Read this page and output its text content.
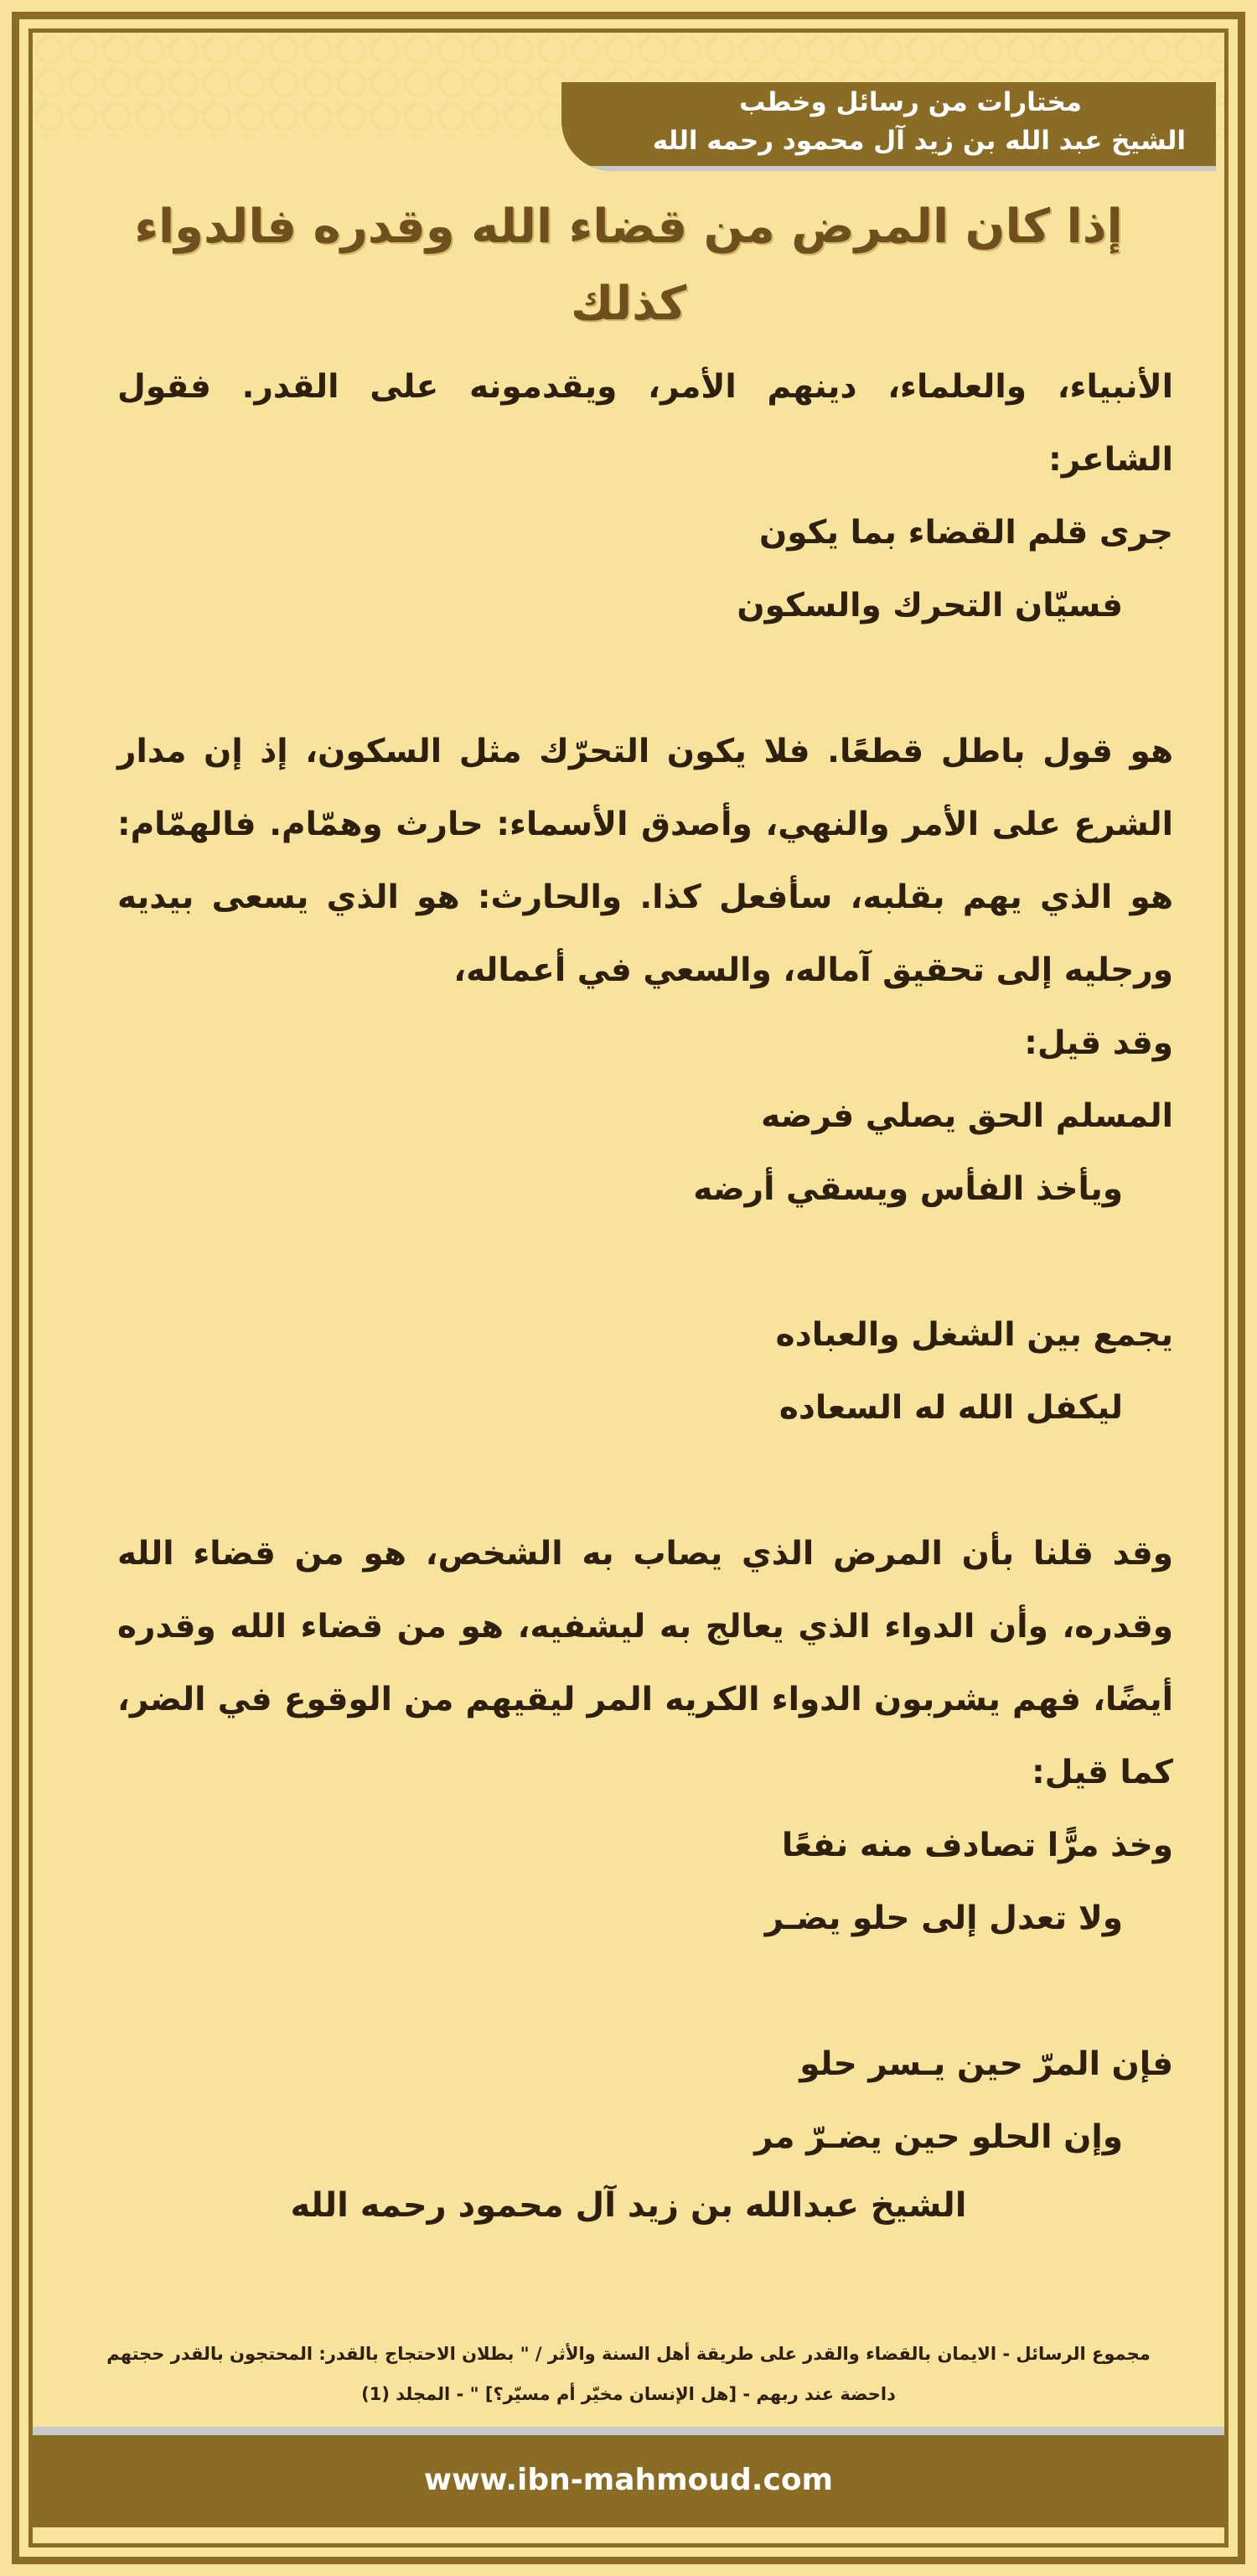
مختارات من رسائل وخطب
الشيخ عبد الله بن زيد آل محمود رحمه الله
إذا كان المرض من قضاء الله وقدره فالدواء كذلك

الأنبياء، والعلماء، دينهم الأمر، ويقدمونه على القدر. فقول الشاعر:

جرى قلم القضاء بما يكون

فسيّان التحرك والسكون

هو قول باطل قطعًا. فلا يكون التحرّك مثل السكون، إذ إن مدار الشرع على الأمر والنهي، وأصدق الأسماء: حارث وهمّام. فالهمّام: هو الذي يهم بقلبه، سأفعل كذا. والحارث: هو الذي يسعى بيديه ورجليه إلى تحقيق آماله، والسعي في أعماله،

وقد قيل:

المسلم الحق يصلي فرضه

ويأخذ الفأس ويسقي أرضه

يجمع بين الشغل والعباده

ليكفل الله له السعاده

وقد قلنا بأن المرض الذي يصاب به الشخص، هو من قضاء الله وقدره، وأن الدواء الذي يعالج به ليشفيه، هو من قضاء الله وقدره أيضًا، فهم يشربون الدواء الكريه المر ليقيهم من الوقوع في الضر، كما قيل:

وخذ مرًّا تصادف منه نفعًا

ولا تعدل إلى حلو يضـر

فإن المرّ حين يـسر حلو

وإن الحلو حين يضـرّ مر

الشيخ عبدالله بن زيد آل محمود رحمه الله
مجموع الرسائل - الايمان بالقضاء والقدر على طريقة أهل السنة والأثر / " بطلان الاحتجاج بالقدر: المحتجون بالقدر حجتهم
داحضة عند ربهم - [هل الإنسان مخيّر أم مسيّر؟] " - المجلد (1)
www.ibn-mahmoud.com
